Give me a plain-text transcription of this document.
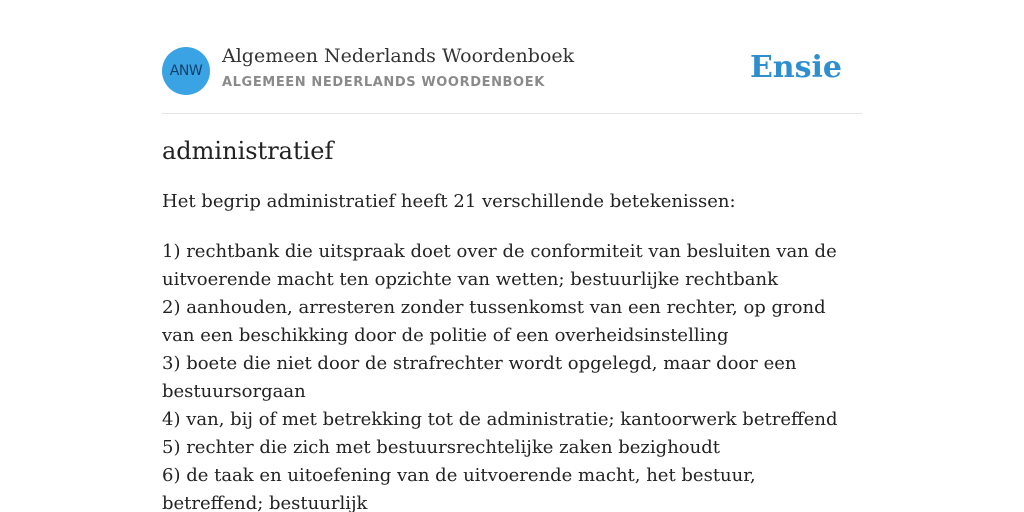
ANW
Algemeen Nederlands Woordenboek
ALGEMEEN NEDERLANDS WOORDENBOEK	Ensie
administratief

Het begrip administratief heeft 21 verschillende betekenissen:

1) rechtbank die uitspraak doet over de conformiteit van besluiten van de uitvoerende macht ten opzichte van wetten; bestuurlijke rechtbank
2) aanhouden, arresteren zonder tussenkomst van een rechter, op grond van een beschikking door de politie of een overheidsinstelling
3) boete die niet door de strafrechter wordt opgelegd, maar door een bestuursorgaan
4) van, bij of met betrekking tot de administratie; kantoorwerk betreffend
5) rechter die zich met bestuursrechtelijke zaken bezighoudt
6) de taak en uitoefening van de uitvoerende macht, het bestuur, betreffend; bestuurlijk
